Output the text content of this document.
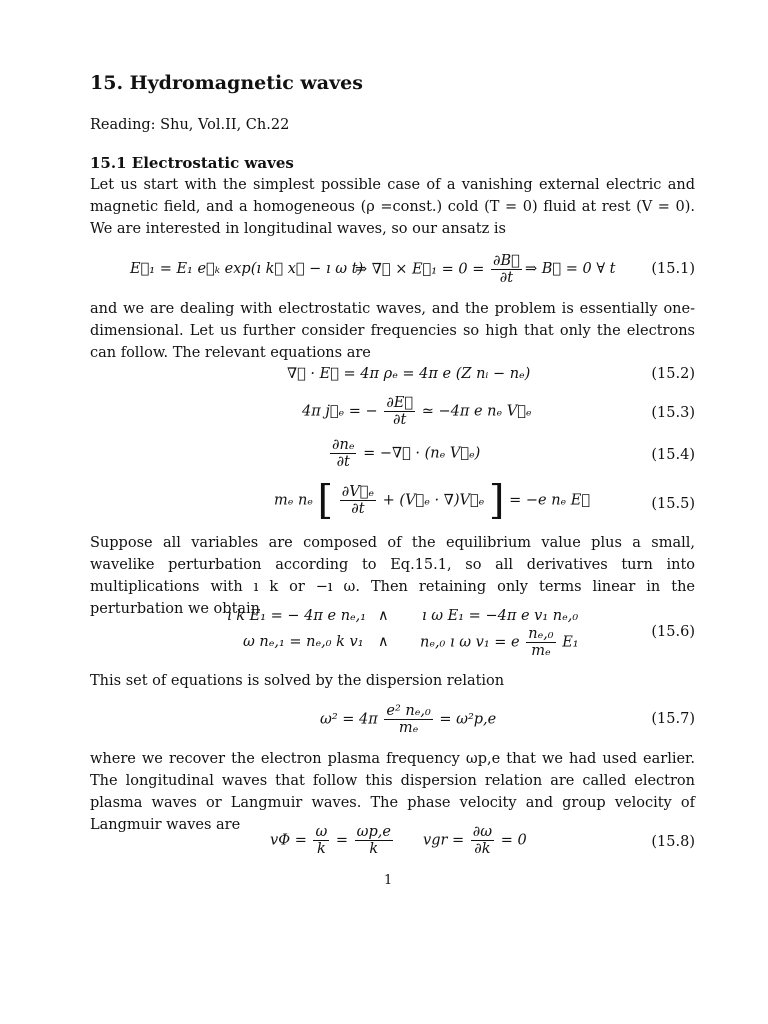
15. Hydromagnetic waves
Reading: Shu, Vol.II, Ch.22
15.1 Electrostatic waves
Let us start with the simplest possible case of a vanishing external electric and magnetic field, and a homogeneous (ρ =const.) cold (T = 0) fluid at rest (V = 0). We are interested in longitudinal waves, so our ansatz is
E⃗₁ = E₁ e⃗ₖ exp(ı k⃗ x⃗ − ı ω t)
⇒ ∇⃗ × E⃗₁ = $0 = \frac{\partial B⃗}{\partial t}$ ⇒ B⃗ = 0 ∀ t (15.1)
and we are dealing with electrostatic waves, and the problem is essentially one-dimensional. Let us further consider frequencies so high that only the electrons can follow. The relevant equations are
∇⃗ · E⃗ = 4π ρₑ = 4π e (Z nᵢ − nₑ)	(15.2)
4π j⃗ₑ = − $\frac{\partial E⃗}{\partial t}$ ≃ −4π e nₑ V⃗ₑ	(15.3)
$\frac{\text{∂nₑ}}{\partial t}$ = −∇⃗ · (nₑ V⃗ₑ)	(15.4)
mₑ nₑ [ $\frac{\text{∂V⃗ₑ}}{\partial t}$ + (V⃗ₑ · ∇)V⃗ₑ ] = −e nₑ E⃗	(15.5)
Suppose all variables are composed of the equilibrium value plus a small, wavelike perturbation according to Eq.15.1, so all derivatives turn into multiplications with ı k or −ı ω. Then retaining only terms linear in the perturbation we obtain
ı k E₁ = − 4π e nₑ,₁ ∧ ı ω E₁ = −4π e v₁ nₑ,₀
ω nₑ,₁ = nₑ,₀ k v₁ ∧ nₑ,₀ ı ω v₁ = e $\frac{\text{nₑ,₀}}{\text{mₑ}} E_1$
(15.6)
This set of equations is solved by the dispersion relation
$\omega^2 = 4\pi \frac{\text{e² nₑ,₀}}{\text{mₑ}} = \omega^2p,e$	(15.7)
where we recover the electron plasma frequency ωp,e that we had used earlier. The longitudinal waves that follow this dispersion relation are called electron plasma waves or Langmuir waves. The phase velocity and group velocity of Langmuir waves are
$v\Phi = \frac{\omega}{k} = \frac{\omega p,e}{k}$ vgr = $\frac{\partial\omega}{\partial k} = 0$	(15.8)
1
